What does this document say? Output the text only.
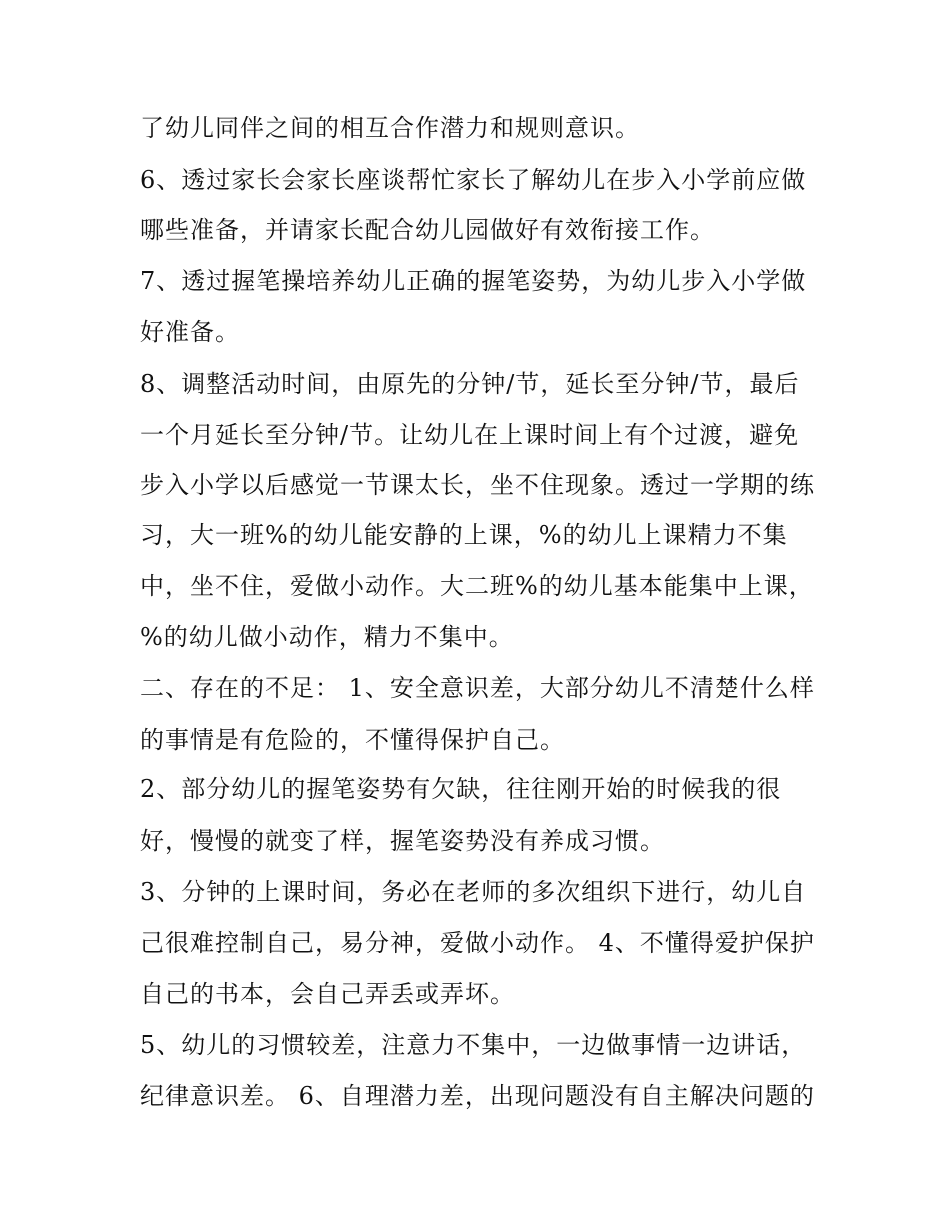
了幼儿同伴之间的相互合作潜力和规则意识。
6、透过家长会家长座谈帮忙家长了解幼儿在步入小学前应做
哪些准备，并请家长配合幼儿园做好有效衔接工作。
7、透过握笔操培养幼儿正确的握笔姿势，为幼儿步入小学做
好准备。
8、调整活动时间，由原先的分钟/节，延长至分钟/节，最后
一个月延长至分钟/节。让幼儿在上课时间上有个过渡，避免
步入小学以后感觉一节课太长，坐不住现象。透过一学期的练
习，大一班%的幼儿能安静的上课，%的幼儿上课精力不集
中，坐不住，爱做小动作。大二班%的幼儿基本能集中上课，
%的幼儿做小动作，精力不集中。
二、存在的不足： 1、安全意识差，大部分幼儿不清楚什么样
的事情是有危险的，不懂得保护自己。
2、部分幼儿的握笔姿势有欠缺，往往刚开始的时候我的很
好，慢慢的就变了样，握笔姿势没有养成习惯。
3、分钟的上课时间，务必在老师的多次组织下进行，幼儿自
己很难控制自己，易分神，爱做小动作。 4、不懂得爱护保护
自己的书本，会自己弄丢或弄坏。
5、幼儿的习惯较差，注意力不集中，一边做事情一边讲话，
纪律意识差。 6、自理潜力差，出现问题没有自主解决问题的
